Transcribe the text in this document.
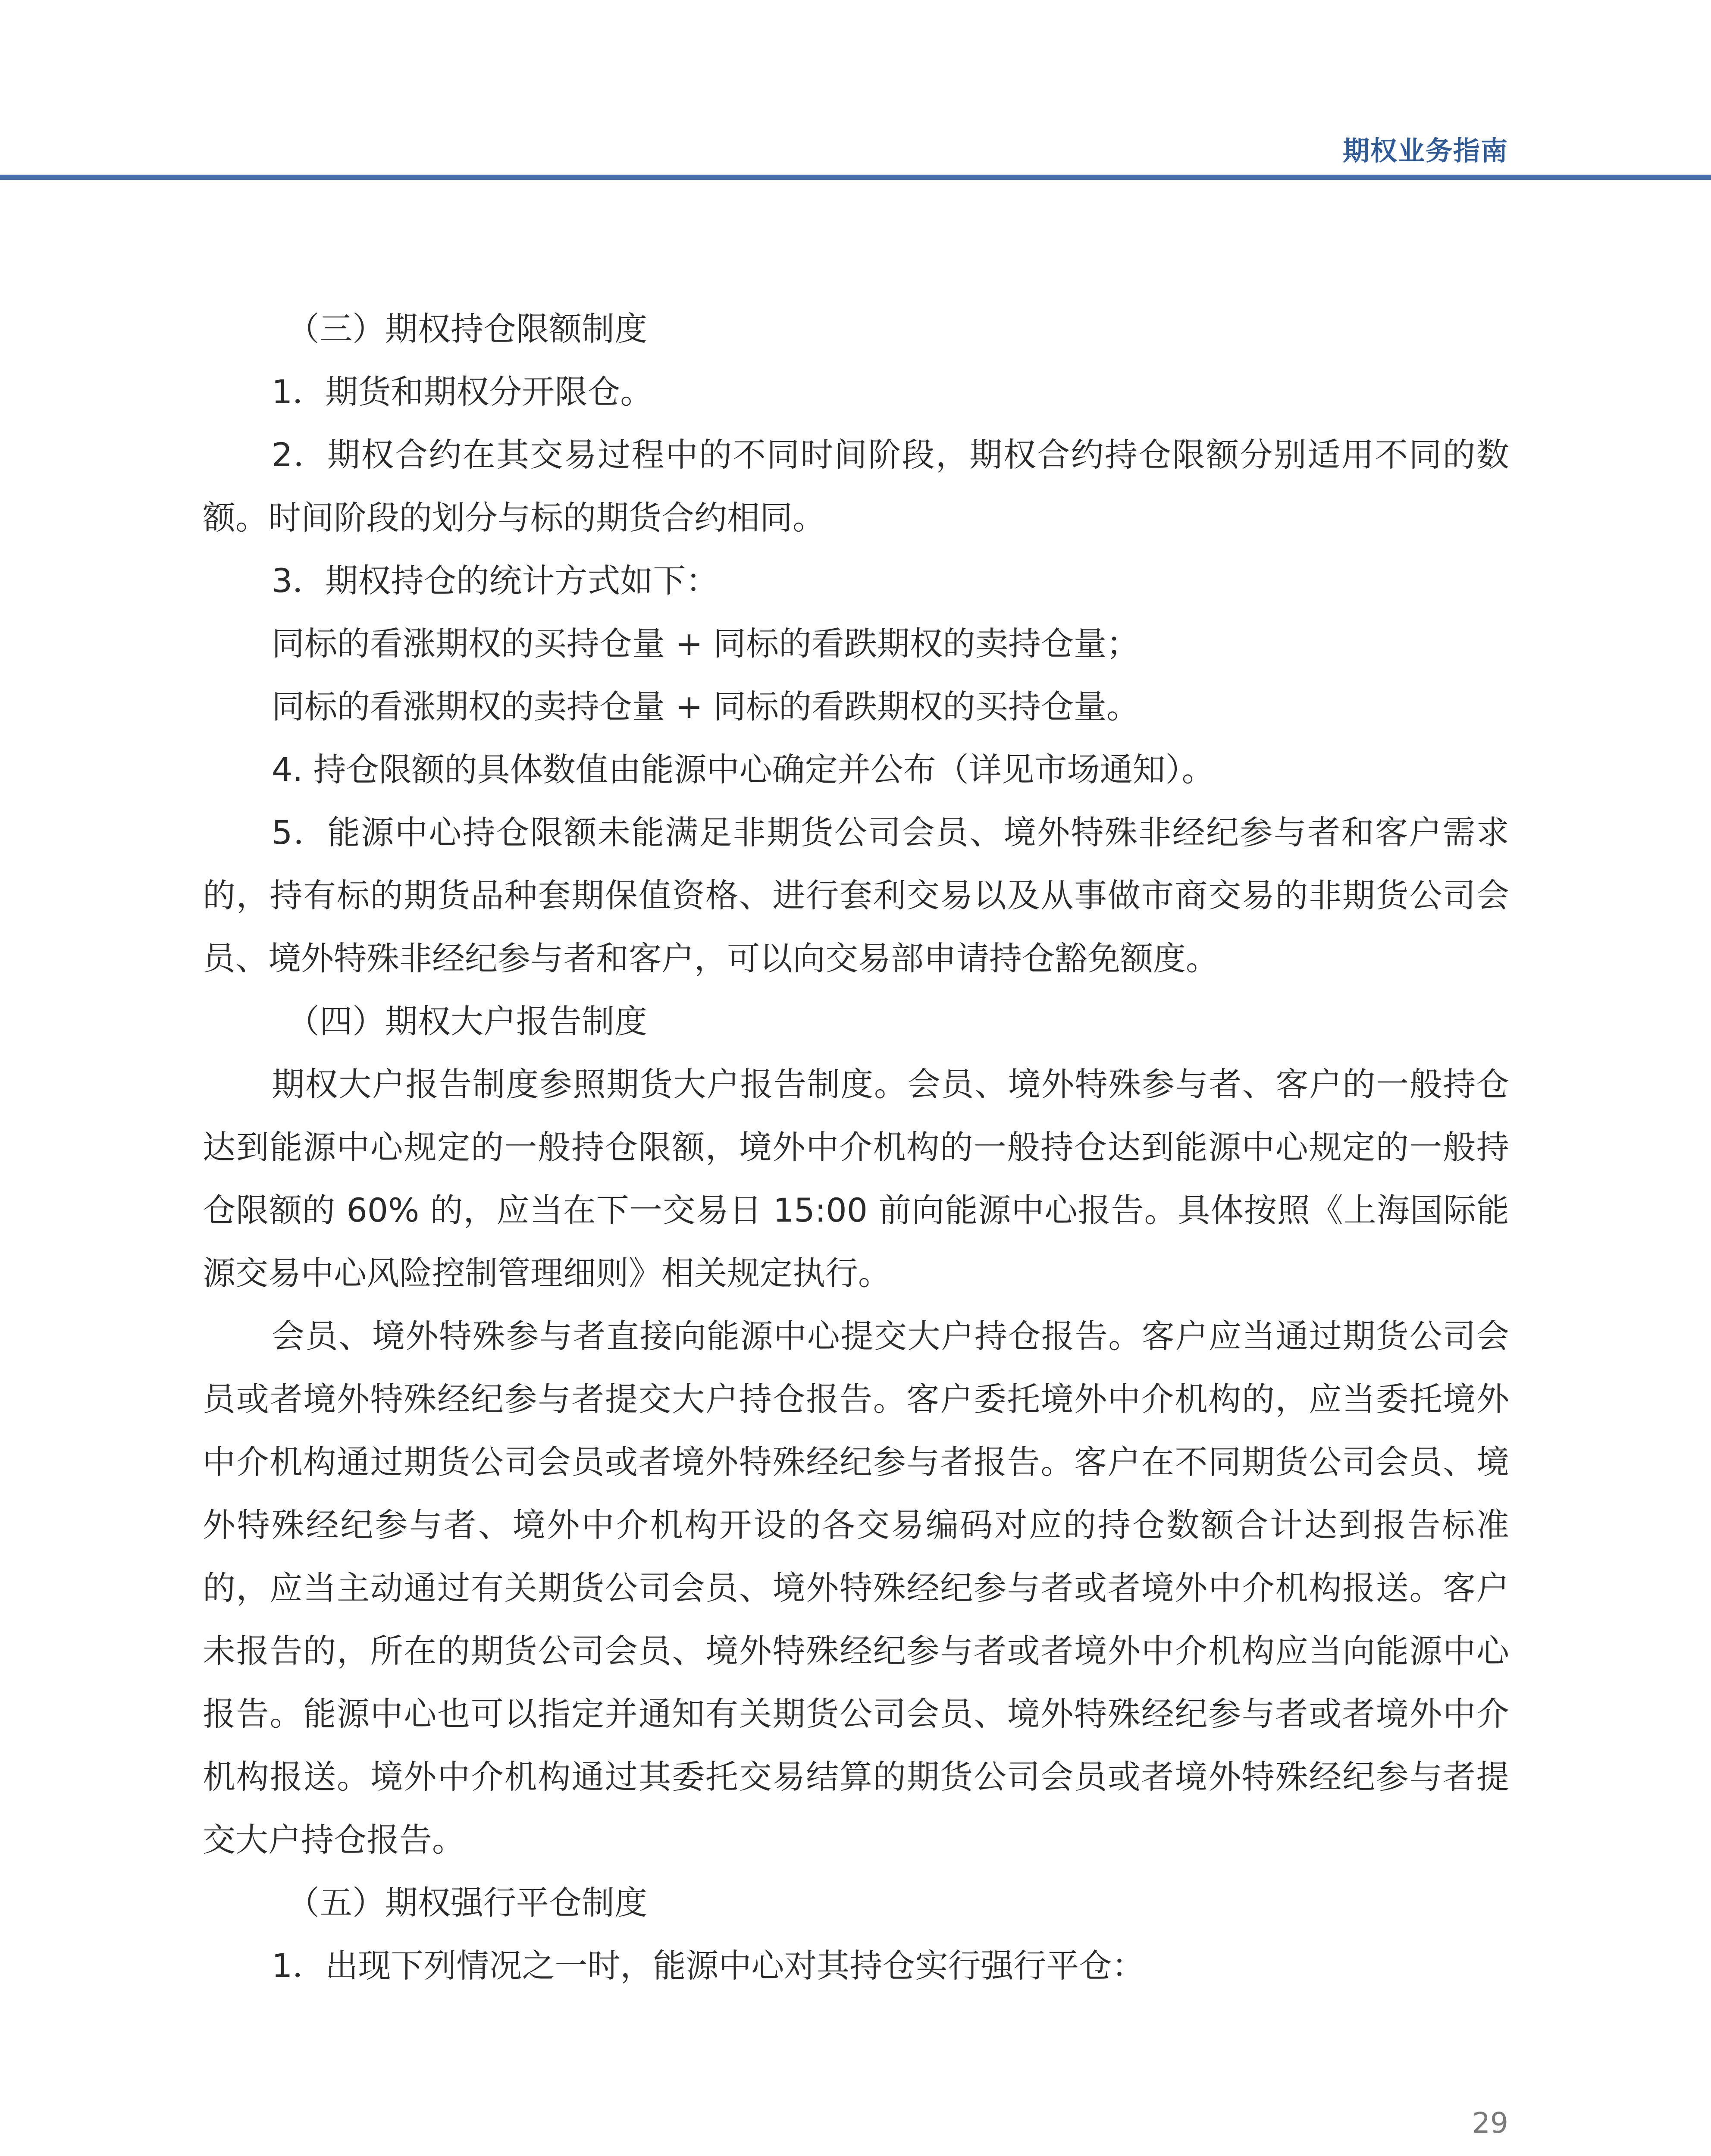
期权业务指南

（三）期权持仓限额制度

1．期货和期权分开限仓。

2．期权合约在其交易过程中的不同时间阶段，期权合约持仓限额分别适用不同的数额。时间阶段的划分与标的期货合约相同。

3．期权持仓的统计方式如下：

同标的看涨期权的买持仓量 + 同标的看跌期权的卖持仓量；

同标的看涨期权的卖持仓量 + 同标的看跌期权的买持仓量。

4. 持仓限额的具体数值由能源中心确定并公布（详见市场通知）。

5．能源中心持仓限额未能满足非期货公司会员、境外特殊非经纪参与者和客户需求的，持有标的期货品种套期保值资格、进行套利交易以及从事做市商交易的非期货公司会员、境外特殊非经纪参与者和客户，可以向交易部申请持仓豁免额度。

（四）期权大户报告制度

期权大户报告制度参照期货大户报告制度。会员、境外特殊参与者、客户的一般持仓达到能源中心规定的一般持仓限额，境外中介机构的一般持仓达到能源中心规定的一般持仓限额的 60% 的，应当在下一交易日 15:00 前向能源中心报告。具体按照《上海国际能源交易中心风险控制管理细则》相关规定执行。

会员、境外特殊参与者直接向能源中心提交大户持仓报告。客户应当通过期货公司会员或者境外特殊经纪参与者提交大户持仓报告。客户委托境外中介机构的，应当委托境外中介机构通过期货公司会员或者境外特殊经纪参与者报告。客户在不同期货公司会员、境外特殊经纪参与者、境外中介机构开设的各交易编码对应的持仓数额合计达到报告标准的，应当主动通过有关期货公司会员、境外特殊经纪参与者或者境外中介机构报送。客户未报告的，所在的期货公司会员、境外特殊经纪参与者或者境外中介机构应当向能源中心报告。能源中心也可以指定并通知有关期货公司会员、境外特殊经纪参与者或者境外中介机构报送。境外中介机构通过其委托交易结算的期货公司会员或者境外特殊经纪参与者提交大户持仓报告。

（五）期权强行平仓制度

1．出现下列情况之一时，能源中心对其持仓实行强行平仓：

29
